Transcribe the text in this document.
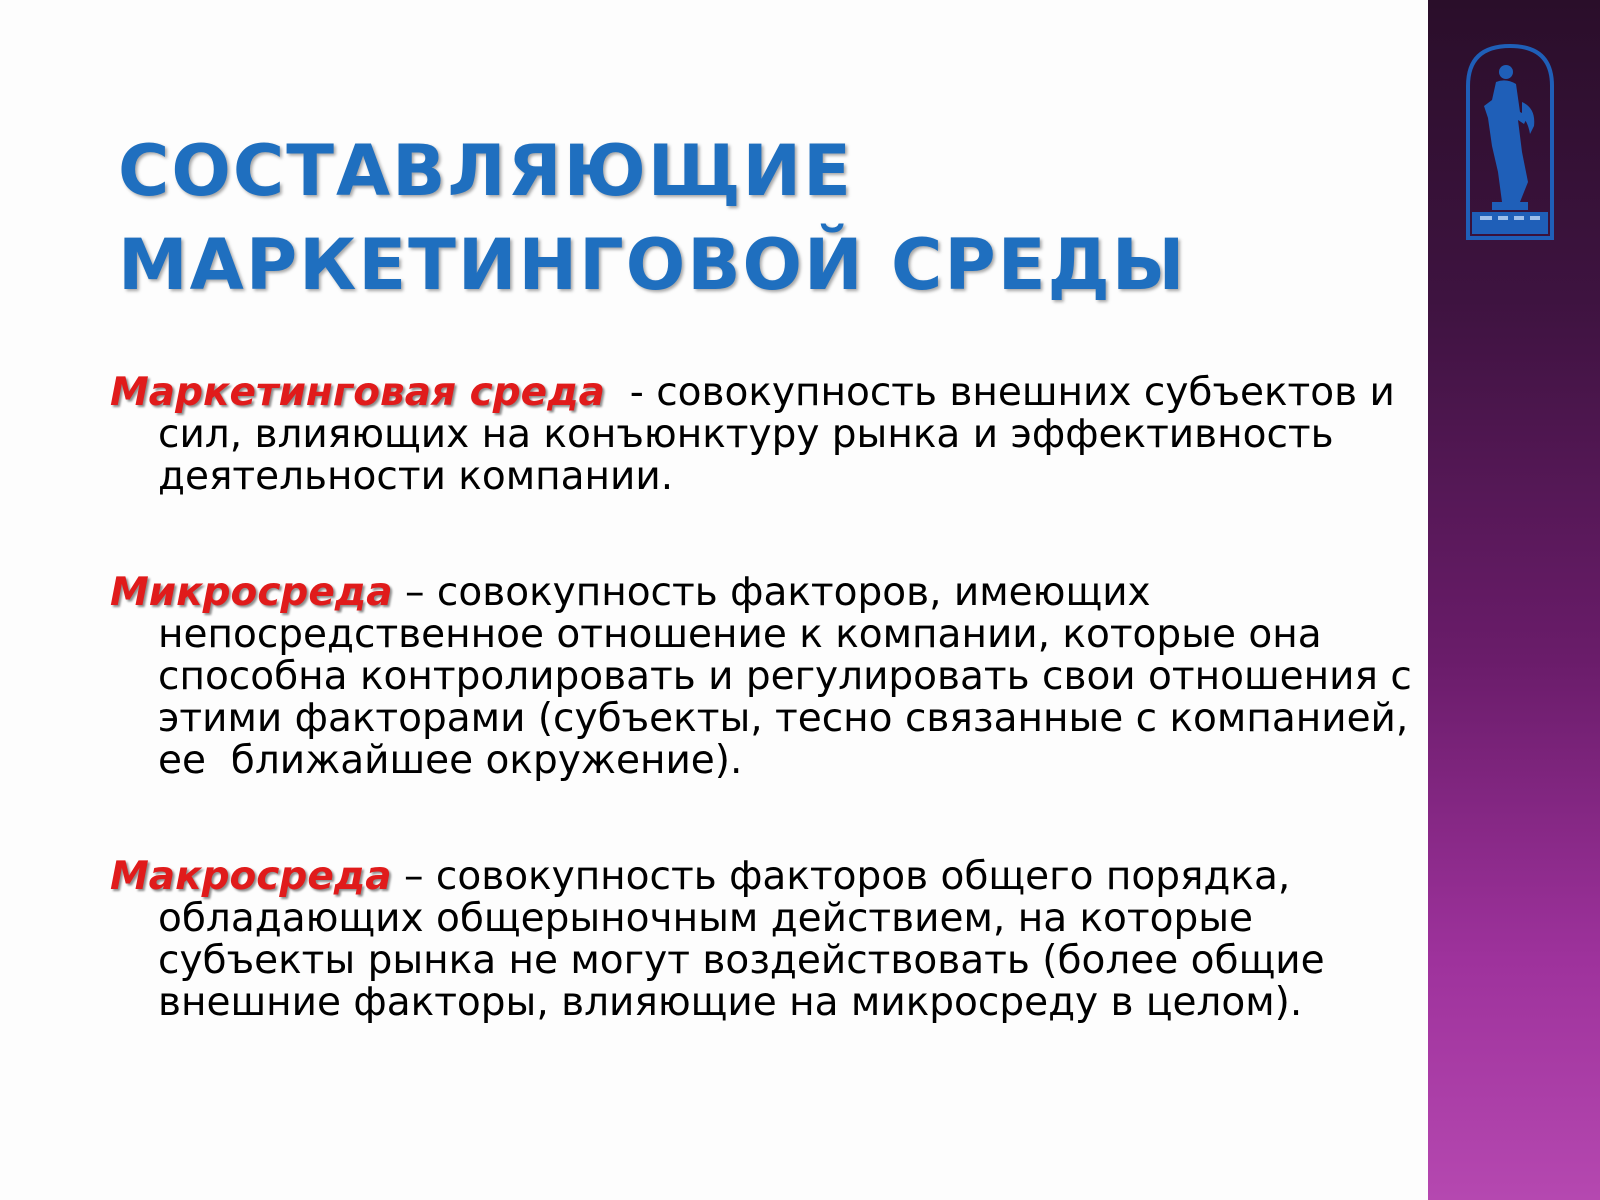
СОСТАВЛЯЮЩИЕ
МАРКЕТИНГОВОЙ СРЕДЫ

Маркетинговая среда  - совокупность внешних субъектов и сил, влияющих на конъюнктуру рынка и эффективность деятельности компании.

Микросреда – совокупность факторов, имеющих непосредственное отношение к компании, которые она способна контролировать и регулировать свои отношения с этими факторами (субъекты, тесно связанные с компанией, ее  ближайшее окружение).

Макросреда – совокупность факторов общего порядка, обладающих общерыночным действием, на которые субъекты рынка не могут воздействовать (более общие внешние факторы, влияющие на микросреду в целом).
